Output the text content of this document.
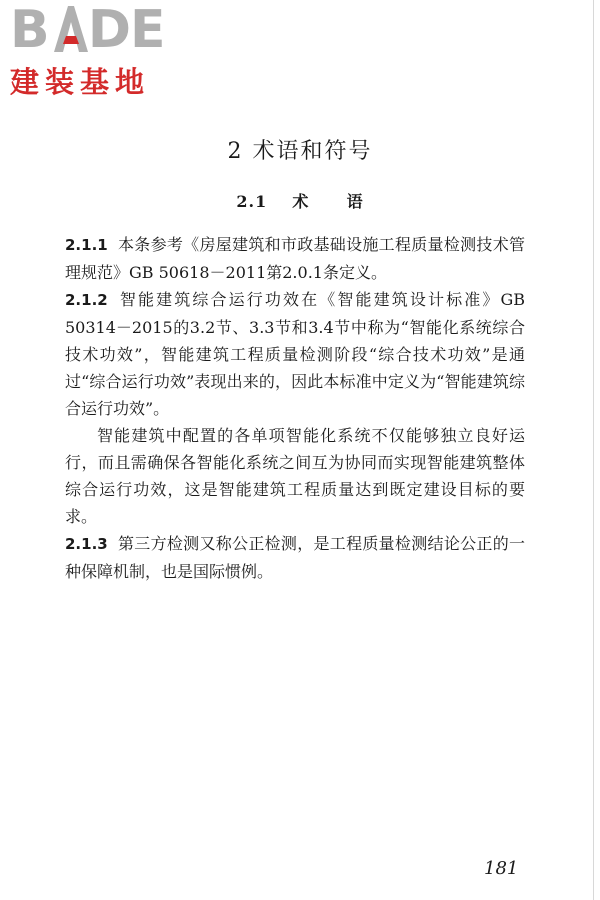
B DE
建装基地
2 术语和符号
2.1 术 语

2.1.1 本条参考《房屋建筑和市政基础设施工程质量检测技术管理规范》GB 50618－2011第2.0.1条定义。

2.1.2 智能建筑综合运行功效在《智能建筑设计标准》GB 50314－2015的3.2节、3.3节和3.4节中称为“智能化系统综合技术功效”，智能建筑工程质量检测阶段“综合技术功效”是通过“综合运行功效”表现出来的，因此本标准中定义为“智能建筑综合运行功效”。

智能建筑中配置的各单项智能化系统不仅能够独立良好运行，而且需确保各智能化系统之间互为协同而实现智能建筑整体综合运行功效，这是智能建筑工程质量达到既定建设目标的要求。

2.1.3 第三方检测又称公正检测，是工程质量检测结论公正的一种保障机制，也是国际惯例。

181
